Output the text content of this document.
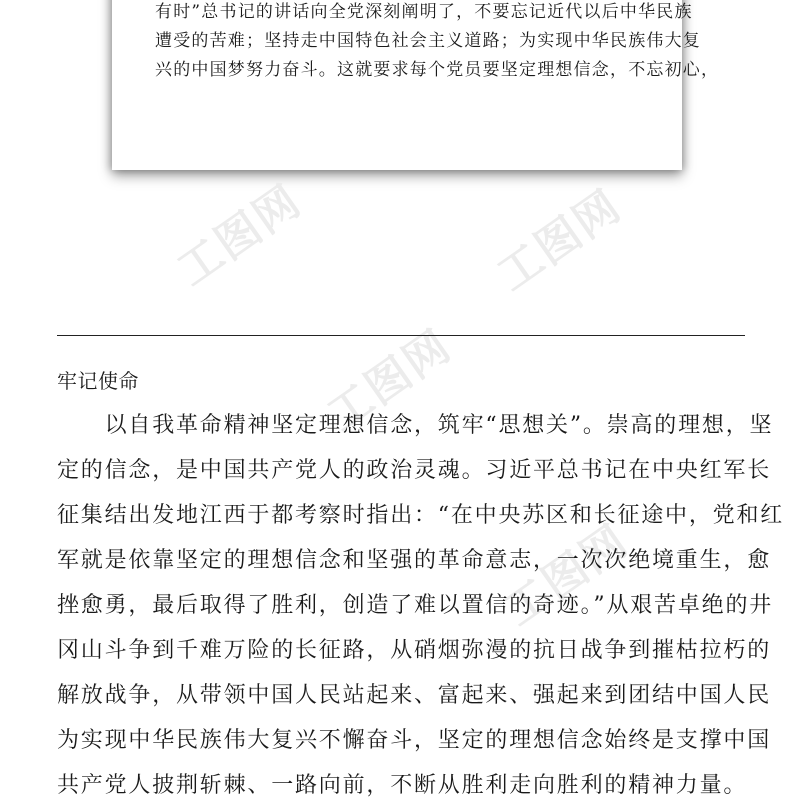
有时”总书记的讲话向全党深刻阐明了，不要忘记近代以后中华民族
遭受的苦难；坚持走中国特色社会主义道路；为实现中华民族伟大复
兴的中国梦努力奋斗。这就要求每个党员要坚定理想信念，不忘初心，
工图网	工图网
工图网
工图网
牢记使命
　　以自我革命精神坚定理想信念，筑牢“思想关”。崇高的理想，坚
定的信念，是中国共产党人的政治灵魂。习近平总书记在中央红军长
征集结出发地江西于都考察时指出：“在中央苏区和长征途中，党和红
军就是依靠坚定的理想信念和坚强的革命意志，一次次绝境重生，愈
挫愈勇，最后取得了胜利，创造了难以置信的奇迹。”从艰苦卓绝的井
冈山斗争到千难万险的长征路，从硝烟弥漫的抗日战争到摧枯拉朽的
解放战争，从带领中国人民站起来、富起来、强起来到团结中国人民
为实现中华民族伟大复兴不懈奋斗，坚定的理想信念始终是支撑中国
共产党人披荆斩棘、一路向前，不断从胜利走向胜利的精神力量。
